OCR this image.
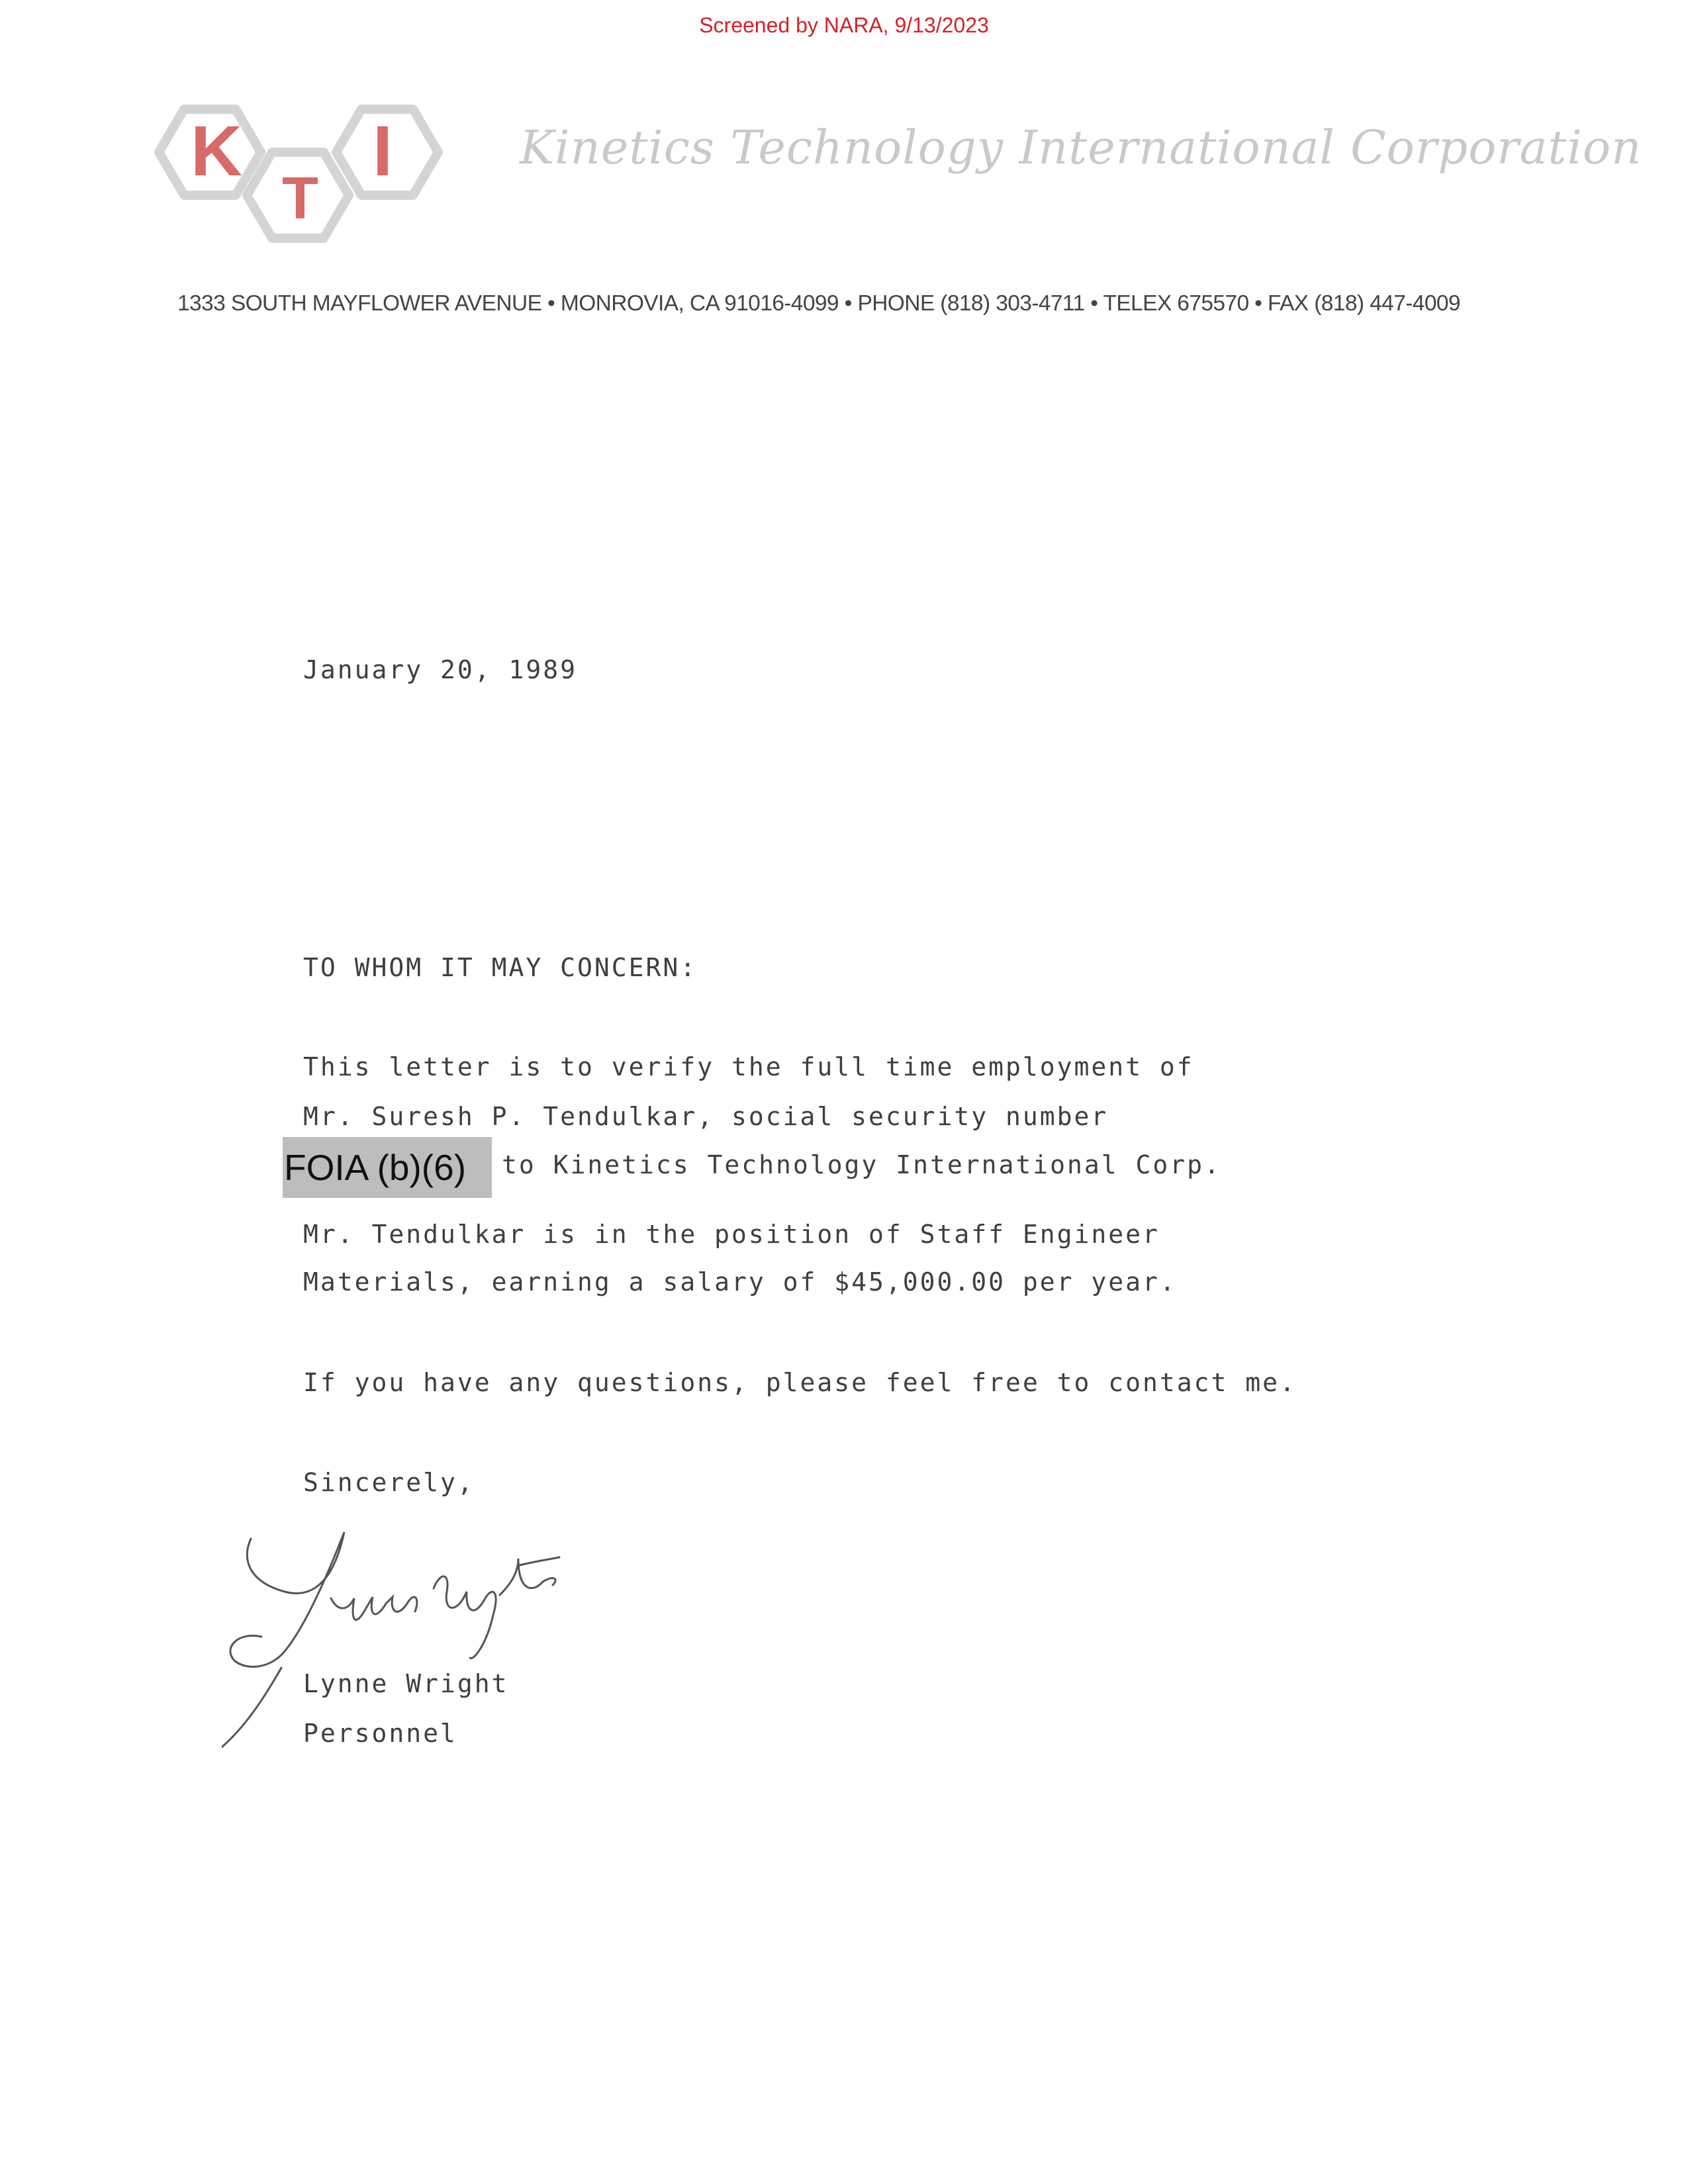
Screened by NARA, 9/13/2023
K
T
I	Kinetics Technology International Corporation
1333 SOUTH MAYFLOWER AVENUE • MONROVIA, CA 91016-4099 • PHONE (818) 303-4711 • TELEX 675570 • FAX (818) 447-4009
January 20, 1989
TO WHOM IT MAY CONCERN:
This letter is to verify the full time employment of
Mr. Suresh P. Tendulkar, social security number
FOIA (b)(6)	to Kinetics Technology International Corp.
Mr. Tendulkar is in the position of Staff Engineer
Materials, earning a salary of $45,000.00 per year.
If you have any questions, please feel free to contact me.
Sincerely,
Lynne Wright
Personnel
